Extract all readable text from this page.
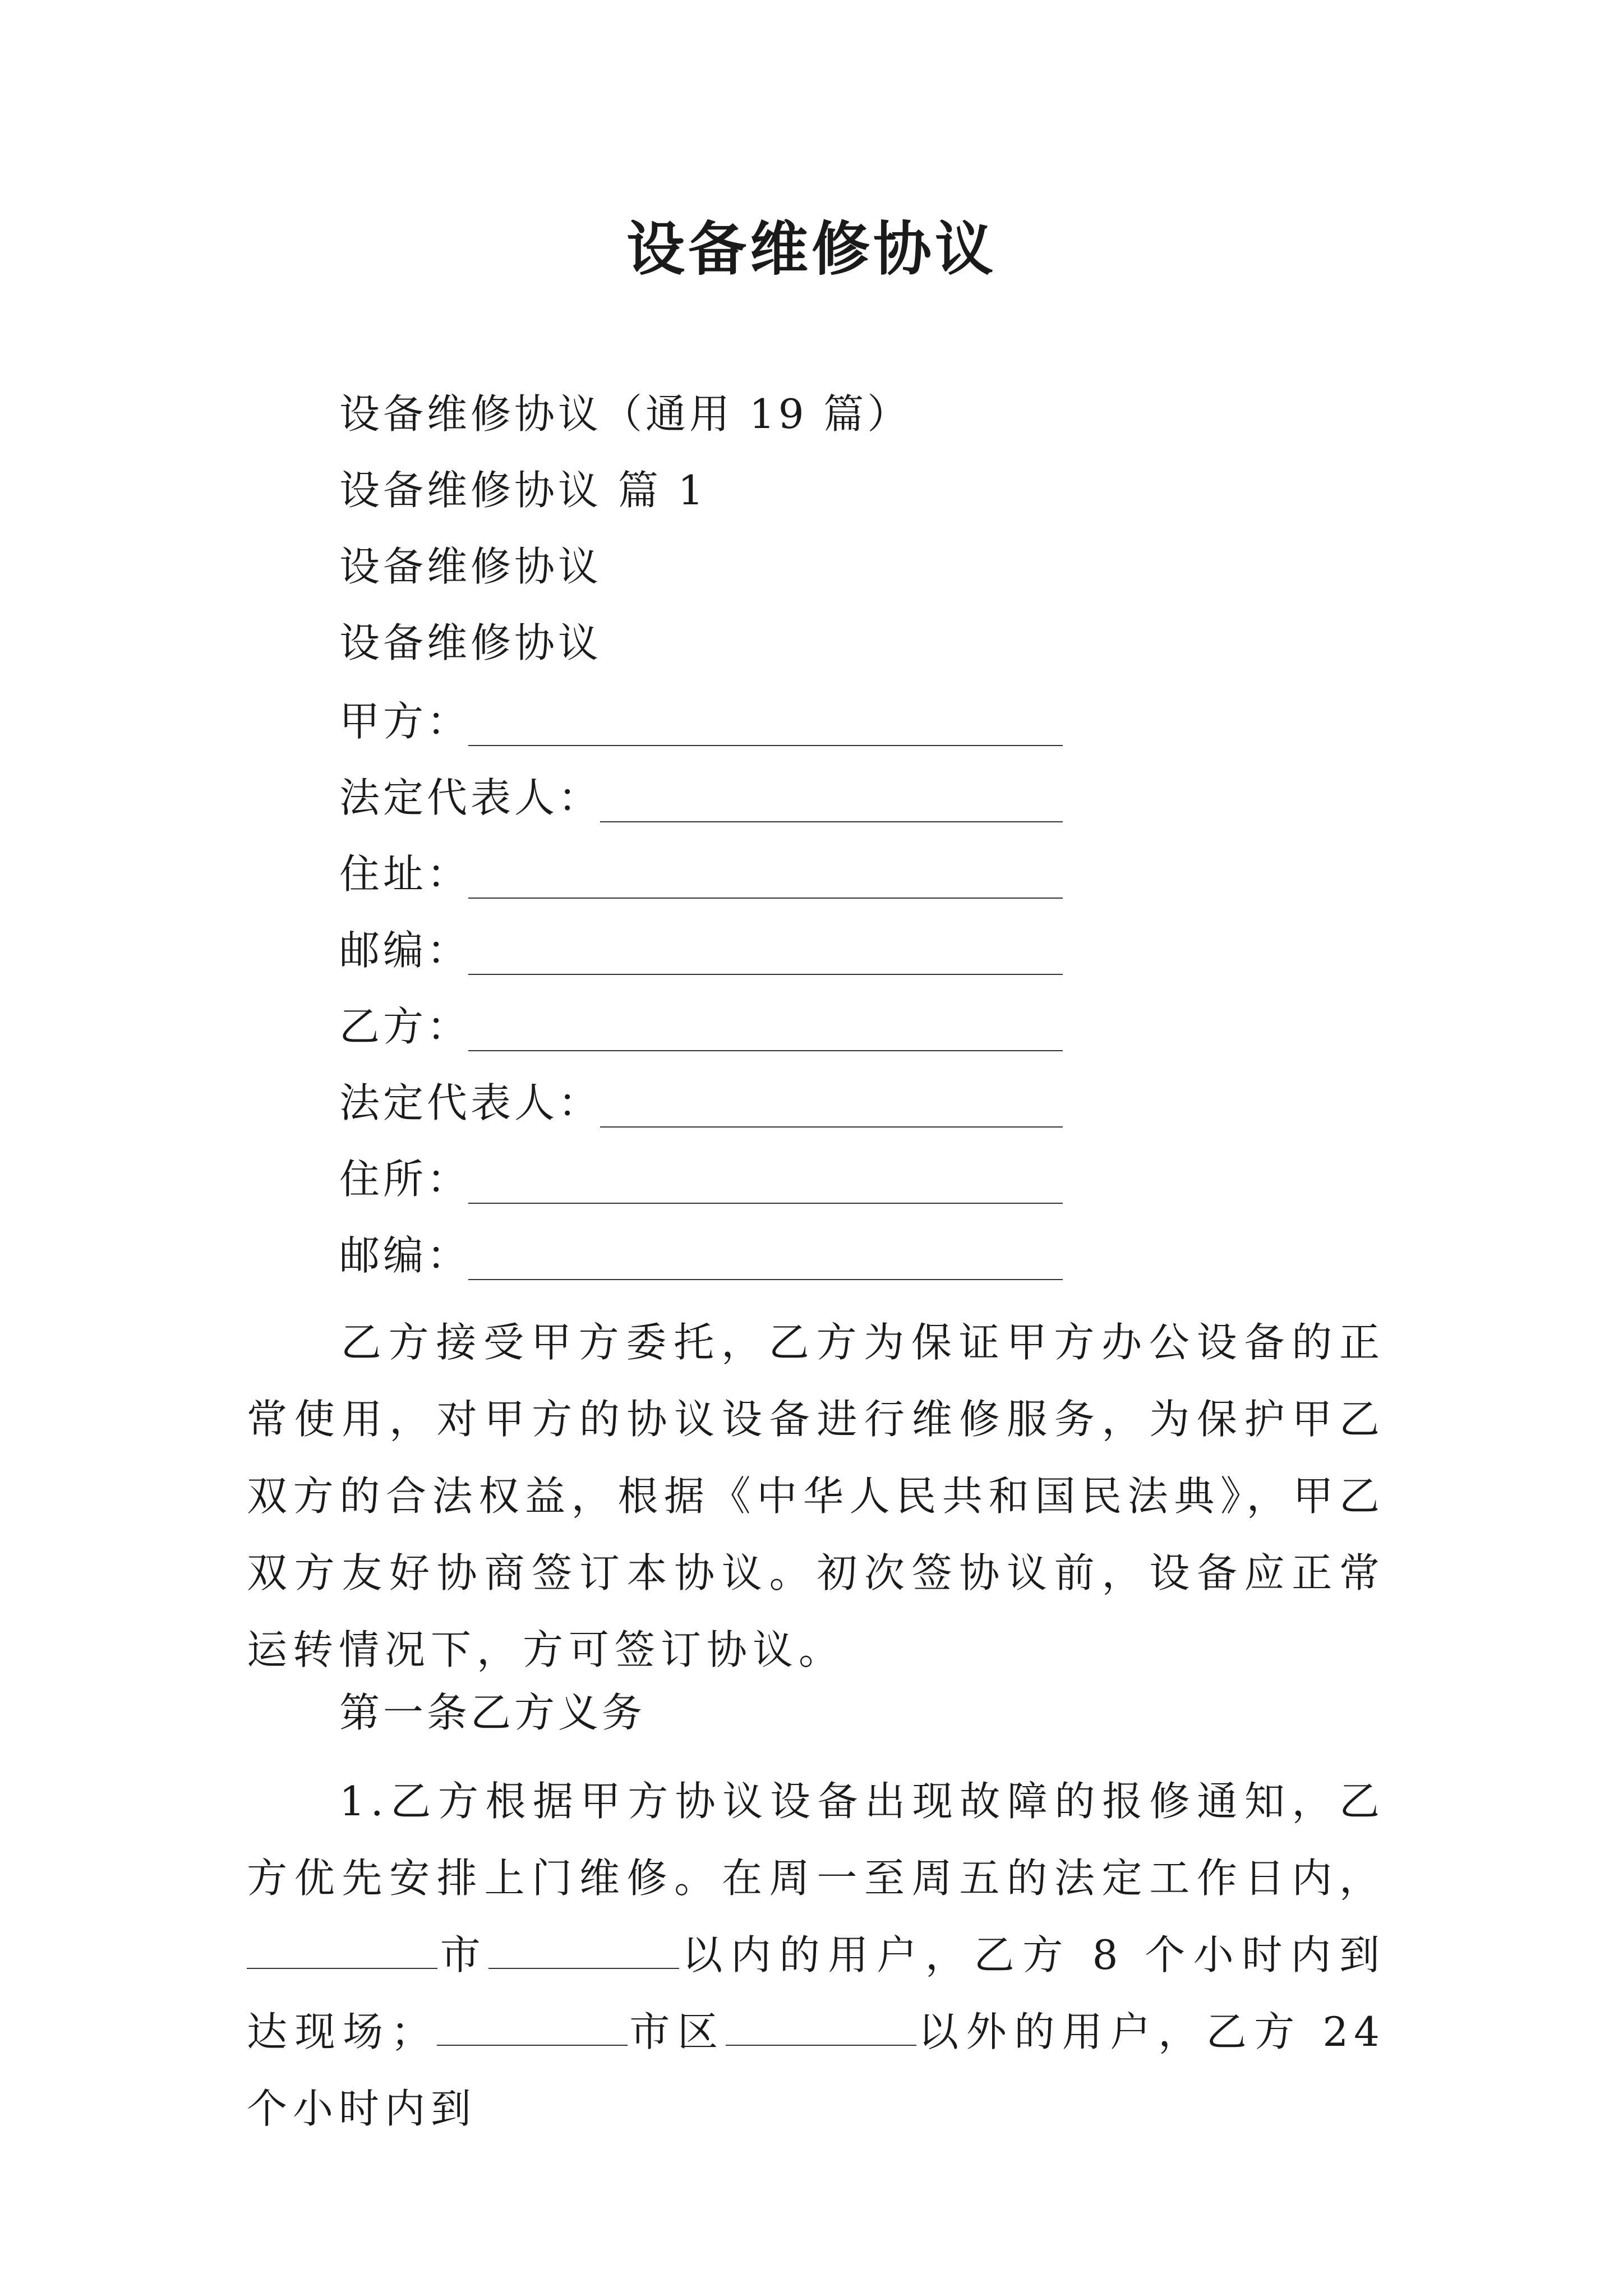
设备维修协议
设备维修协议（通用 19 篇）
设备维修协议 篇 1
设备维修协议
设备维修协议
甲方：
法定代表人：
住址：
邮编：
乙方：
法定代表人：
住所：
邮编：
乙方接受甲方委托，乙方为保证甲方办公设备的正常使用，对甲方的协议设备进行维修服务，为保护甲乙双方的合法权益，根据《中华人民共和国民法典》，甲乙双方友好协商签订本协议。初次签协议前，设备应正常运转情况下，方可签订协议。
第一条乙方义务
1.乙方根据甲方协议设备出现故障的报修通知，乙方优先安排上门维修。在周一至周五的法定工作日内，市	以内的用户，乙方 8 个小时内到达现场；	市区	以外的用户，乙方 24 个小时内到
